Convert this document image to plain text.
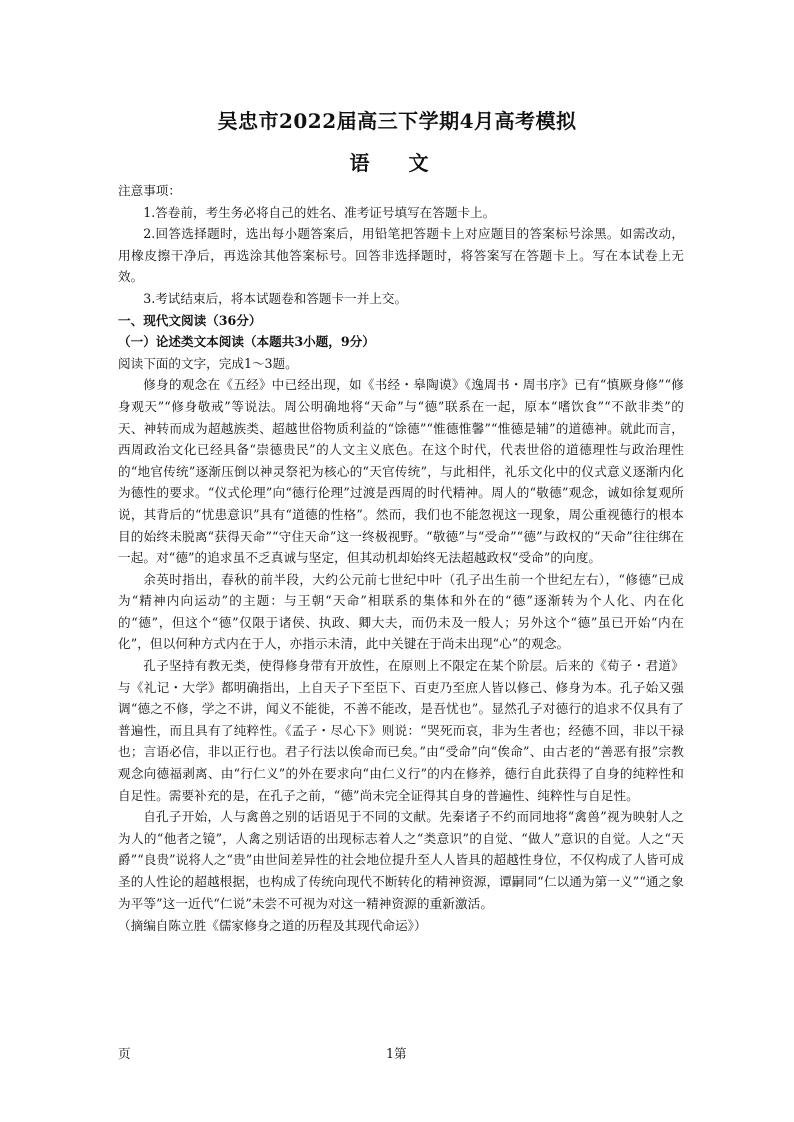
吴忠市2022届高三下学期4月高考模拟
语 文

注意事项：

1.答卷前，考生务必将自己的姓名、准考证号填写在答题卡上。

2.回答选择题时，选出每小题答案后，用铅笔把答题卡上对应题目的答案标号涂黑。如需改动，用橡皮擦干净后，再选涂其他答案标号。回答非选择题时，将答案写在答题卡上。写在本试卷上无效。

3.考试结束后，将本试题卷和答题卡一并上交。

一、现代文阅读（36分）

（一）论述类文本阅读（本题共3小题，9分）

阅读下面的文字，完成1～3题。

修身的观念在《五经》中已经出现，如《书经・皋陶谟》《逸周书・周书序》已有“慎厥身修”“修身观天”“修身敬戒”等说法。周公明确地将“天命”与“德”联系在一起，原本“嗜饮食”“不歆非类”的天、神转而成为超越族类、超越世俗物质利益的“馀德”“惟德惟馨”“惟德是辅”的道德神。就此而言，西周政治文化已经具备“崇德贵民”的人文主义底色。在这个时代，代表世俗的道德理性与政治理性的“地官传统”逐渐压倒以神灵祭祀为核心的“天官传统”，与此相伴，礼乐文化中的仪式意义逐渐内化为德性的要求。“仪式伦理”向“德行伦理”过渡是西周的时代精神。周人的“敬德”观念，诚如徐复观所说，其背后的“忧患意识”具有“道德的性格”。然而，我们也不能忽视这一现象，周公重视德行的根本目的始终未脱离“获得天命”“守住天命”这一终极视野。“敬德”与“受命”“德”与政权的“天命”往往绑在一起。对“德”的追求虽不乏真诚与坚定，但其动机却始终无法超越政权“受命”的向度。

余英时指出，春秋的前半段，大约公元前七世纪中叶（孔子出生前一个世纪左右），“修德”已成为“精神内向运动”的主题：与王朝“天命”相联系的集体和外在的“德”逐渐转为个人化、内在化的“德”，但这个“德”仅限于诸侯、执政、卿大夫，而仍未及一般人；另外这个“德”虽已开始“内在化”，但以何种方式内在于人，亦指示未清，此中关键在于尚未出现“心”的观念。

孔子坚持有教无类，使得修身带有开放性，在原则上不限定在某个阶层。后来的《荀子・君道》与《礼记・大学》都明确指出，上自天子下至臣下、百吏乃至庶人皆以修己、修身为本。孔子始又强调“德之不修，学之不讲，闻义不能徙，不善不能改，是吾忧也”。显然孔子对德行的追求不仅具有了普遍性，而且具有了纯粹性。《孟子・尽心下》则说：“哭死而哀，非为生者也；经德不回，非以干禄也；言语必信，非以正行也。君子行法以俟命而已矣。”由“受命”向“俟命”、由古老的“善恶有报”宗教观念向德福剥离、由“行仁义”的外在要求向“由仁义行”的内在修养，德行自此获得了自身的纯粹性和自足性。需要补充的是，在孔子之前，“德”尚未完全证得其自身的普遍性、纯粹性与自足性。

自孔子开始，人与禽兽之别的话语见于不同的文献。先秦诸子不约而同地将“禽兽”视为映射人之为人的“他者之镜”，人禽之别话语的出现标志着人之“类意识”的自觉、“做人”意识的自觉。人之“天爵”“良贵”说将人之“贵”由世间差异性的社会地位提升至人人皆具的超越性身位，不仅构成了人皆可成圣的人性论的超越根据，也构成了传统向现代不断转化的精神资源，谭嗣同“仁以通为第一义”“通之象为平等”这一近代“仁说”未尝不可视为对这一精神资源的重新激活。

（摘编自陈立胜《儒家修身之道的历程及其现代命运》）

页	1第
